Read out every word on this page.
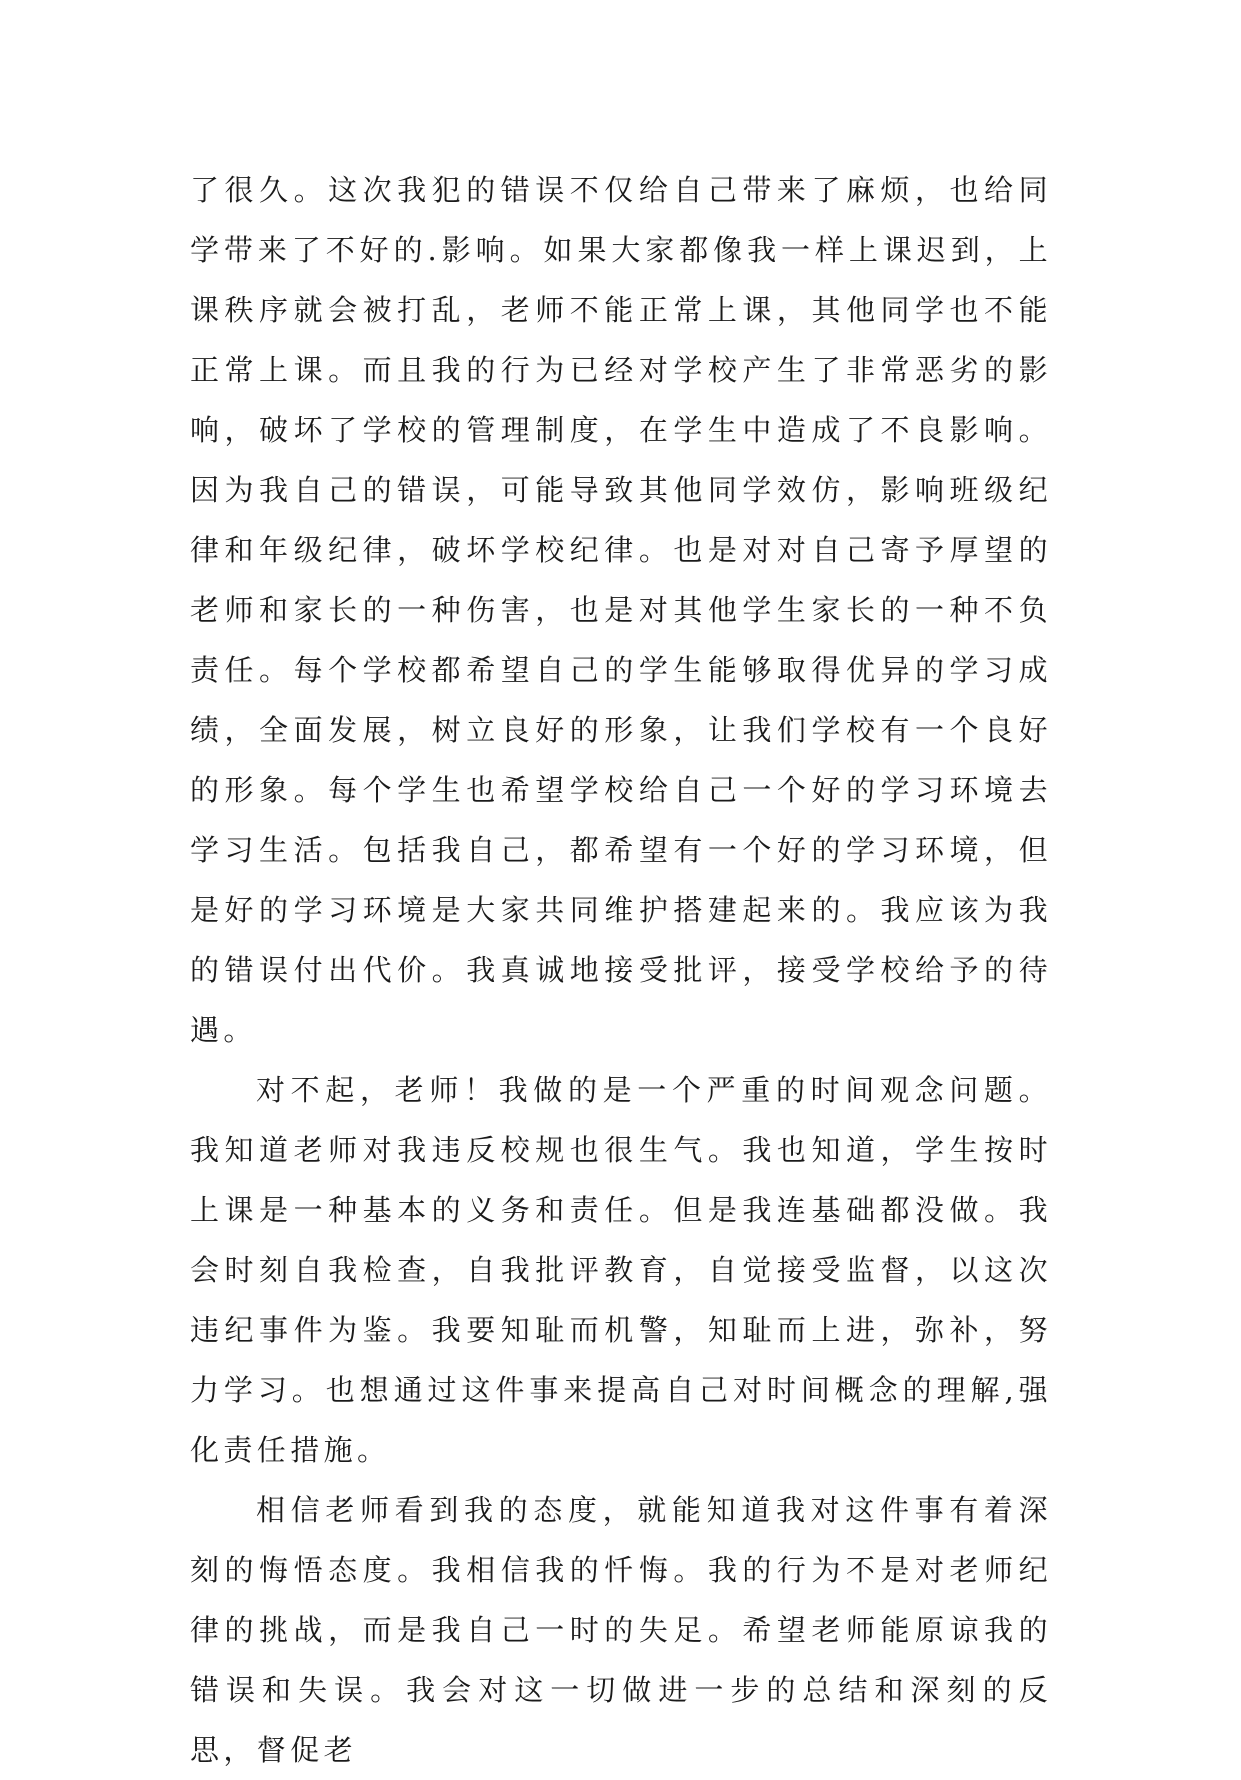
了很久。这次我犯的错误不仅给自己带来了麻烦，也给同学带来了不好的.影响。如果大家都像我一样上课迟到，上课秩序就会被打乱，老师不能正常上课，其他同学也不能正常上课。而且我的行为已经对学校产生了非常恶劣的影响，破坏了学校的管理制度，在学生中造成了不良影响。因为我自己的错误，可能导致其他同学效仿，影响班级纪律和年级纪律，破坏学校纪律。也是对对自己寄予厚望的老师和家长的一种伤害，也是对其他学生家长的一种不负责任。每个学校都希望自己的学生能够取得优异的学习成绩，全面发展，树立良好的形象，让我们学校有一个良好的形象。每个学生也希望学校给自己一个好的学习环境去学习生活。包括我自己，都希望有一个好的学习环境，但是好的学习环境是大家共同维护搭建起来的。我应该为我的错误付出代价。我真诚地接受批评，接受学校给予的待遇。

对不起，老师！我做的是一个严重的时间观念问题。我知道老师对我违反校规也很生气。我也知道，学生按时上课是一种基本的义务和责任。但是我连基础都没做。我会时刻自我检查，自我批评教育，自觉接受监督，以这次违纪事件为鉴。我要知耻而机警，知耻而上进，弥补，努力学习。也想通过这件事来提高自己对时间概念的理解,强化责任措施。

相信老师看到我的态度，就能知道我对这件事有着深刻的悔悟态度。我相信我的忏悔。我的行为不是对老师纪律的挑战，而是我自己一时的失足。希望老师能原谅我的错误和失误。我会对这一切做进一步的总结和深刻的反思，督促老
